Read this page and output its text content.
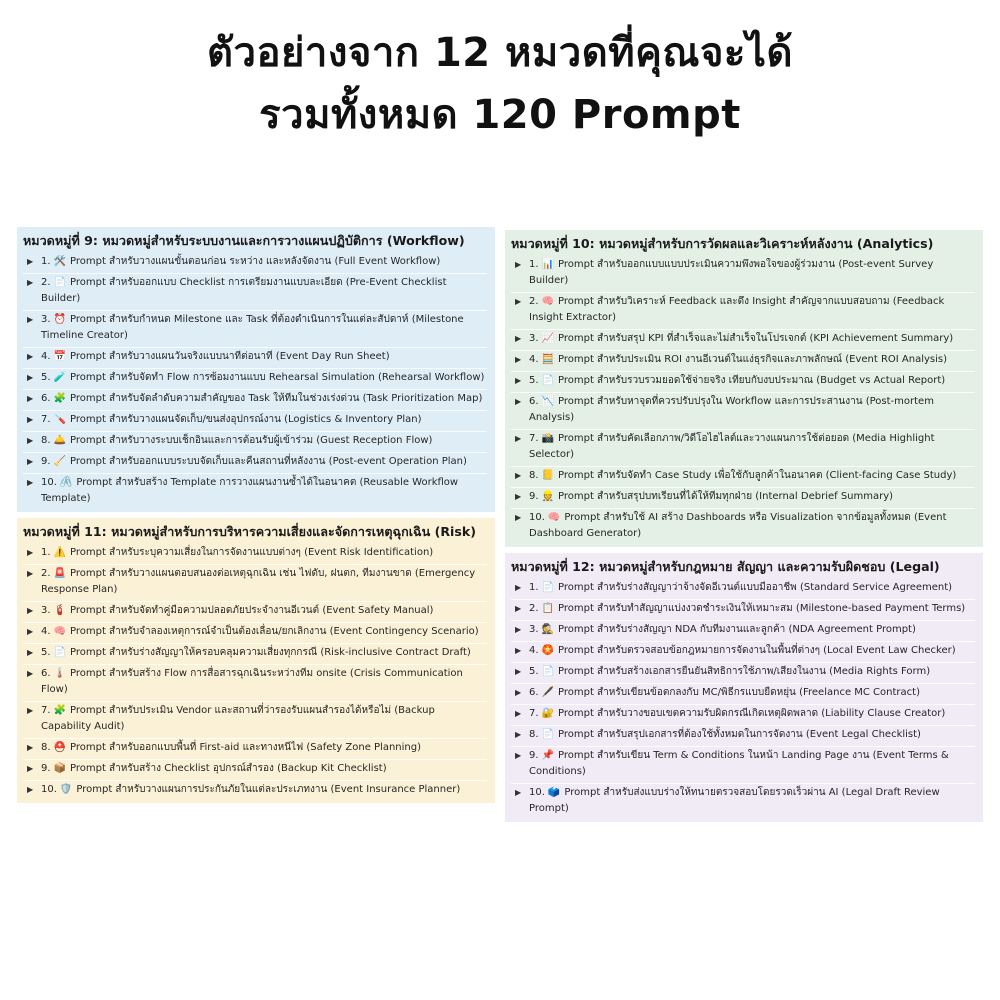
ตัวอย่างจาก 12 หมวดที่คุณจะได้
รวมทั้งหมด 120 Prompt
หมวดหมู่ที่ 9: หมวดหมู่สำหรับระบบงานและการวางแผนปฏิบัติการ (Workflow)
▶ 1. 🛠️ Prompt สำหรับวางแผนขั้นตอนก่อน ระหว่าง และหลังจัดงาน (Full Event Workflow)
▶ 2. 📄 Prompt สำหรับออกแบบ Checklist การเตรียมงานแบบละเอียด (Pre-Event Checklist Builder)
▶ 3. ⏰ Prompt สำหรับกำหนด Milestone และ Task ที่ต้องดำเนินการในแต่ละสัปดาห์ (Milestone Timeline Creator)
▶ 4. 📅 Prompt สำหรับวางแผนวันจริงแบบนาทีต่อนาที (Event Day Run Sheet)
▶ 5. 🧪 Prompt สำหรับจัดทำ Flow การซ้อมงานแบบ Rehearsal Simulation (Rehearsal Workflow)
▶ 6. 🧩 Prompt สำหรับจัดลำดับความสำคัญของ Task ให้ทีมในช่วงเร่งด่วน (Task Prioritization Map)
▶ 7. 🪛 Prompt สำหรับวางแผนจัดเก็บ/ขนส่งอุปกรณ์งาน (Logistics & Inventory Plan)
▶ 8. 🛎️ Prompt สำหรับวางระบบเช็กอินและการต้อนรับผู้เข้าร่วม (Guest Reception Flow)
▶ 9. 🧹 Prompt สำหรับออกแบบระบบจัดเก็บและคืนสถานที่หลังงาน (Post-event Operation Plan)
▶ 10. 🖇️ Prompt สำหรับสร้าง Template การวางแผนงานซ้ำได้ในอนาคต (Reusable Workflow Template)
หมวดหมู่ที่ 11: หมวดหมู่สำหรับการบริหารความเสี่ยงและจัดการเหตุฉุกเฉิน (Risk)
▶ 1. ⚠️ Prompt สำหรับระบุความเสี่ยงในการจัดงานแบบต่างๆ (Event Risk Identification)
▶ 2. 🚨 Prompt สำหรับวางแผนตอบสนองต่อเหตุฉุกเฉิน เช่น ไฟดับ, ฝนตก, ทีมงานขาด (Emergency Response Plan)
▶ 3. 🧯 Prompt สำหรับจัดทำคู่มือความปลอดภัยประจำงานอีเวนต์ (Event Safety Manual)
▶ 4. 🧠 Prompt สำหรับจำลองเหตุการณ์จำเป็นต้องเลื่อน/ยกเลิกงาน (Event Contingency Scenario)
▶ 5. 📄 Prompt สำหรับร่างสัญญาให้ครอบคลุมความเสี่ยงทุกกรณี (Risk-inclusive Contract Draft)
▶ 6. 🌡️ Prompt สำหรับสร้าง Flow การสื่อสารฉุกเฉินระหว่างทีม onsite (Crisis Communication Flow)
▶ 7. 🧩 Prompt สำหรับประเมิน Vendor และสถานที่ว่ารองรับแผนสำรองได้หรือไม่ (Backup Capability Audit)
▶ 8. ⛑️ Prompt สำหรับออกแบบพื้นที่ First-aid และทางหนีไฟ (Safety Zone Planning)
▶ 9. 📦 Prompt สำหรับสร้าง Checklist อุปกรณ์สำรอง (Backup Kit Checklist)
▶ 10. 🛡️ Prompt สำหรับวางแผนการประกันภัยในแต่ละประเภทงาน (Event Insurance Planner)
หมวดหมู่ที่ 10: หมวดหมู่สำหรับการวัดผลและวิเคราะห์หลังงาน (Analytics)
▶ 1. 📊 Prompt สำหรับออกแบบแบบประเมินความพึงพอใจของผู้ร่วมงาน (Post-event Survey Builder)
▶ 2. 🧠 Prompt สำหรับวิเคราะห์ Feedback และดึง Insight สำคัญจากแบบสอบถาม (Feedback Insight Extractor)
▶ 3. 📈 Prompt สำหรับสรุป KPI ที่สำเร็จและไม่สำเร็จในโปรเจกต์ (KPI Achievement Summary)
▶ 4. 🧮 Prompt สำหรับประเมิน ROI งานอีเวนต์ในแง่ธุรกิจและภาพลักษณ์ (Event ROI Analysis)
▶ 5. 📄 Prompt สำหรับรวบรวมยอดใช้จ่ายจริง เทียบกับงบประมาณ (Budget vs Actual Report)
▶ 6. 📉 Prompt สำหรับหาจุดที่ควรปรับปรุงใน Workflow และการประสานงาน (Post-mortem Analysis)
▶ 7. 📸 Prompt สำหรับคัดเลือกภาพ/วิดีโอไฮไลต์และวางแผนการใช้ต่อยอด (Media Highlight Selector)
▶ 8. 📒 Prompt สำหรับจัดทำ Case Study เพื่อใช้กับลูกค้าในอนาคต (Client-facing Case Study)
▶ 9. 👷 Prompt สำหรับสรุปบทเรียนที่ได้ให้ทีมทุกฝ่าย (Internal Debrief Summary)
▶ 10. 🧠 Prompt สำหรับใช้ AI สร้าง Dashboards หรือ Visualization จากข้อมูลทั้งหมด (Event Dashboard Generator)
หมวดหมู่ที่ 12: หมวดหมู่สำหรับกฎหมาย สัญญา และความรับผิดชอบ (Legal)
▶ 1. 📄 Prompt สำหรับร่างสัญญาว่าจ้างจัดอีเวนต์แบบมืออาชีพ (Standard Service Agreement)
▶ 2. 📋 Prompt สำหรับทำสัญญาแบ่งงวดชำระเงินให้เหมาะสม (Milestone-based Payment Terms)
▶ 3. 🕵️ Prompt สำหรับร่างสัญญา NDA กับทีมงานและลูกค้า (NDA Agreement Prompt)
▶ 4. 🏵️ Prompt สำหรับตรวจสอบข้อกฎหมายการจัดงานในพื้นที่ต่างๆ (Local Event Law Checker)
▶ 5. 📄 Prompt สำหรับสร้างเอกสารยืนยันสิทธิการใช้ภาพ/เสียงในงาน (Media Rights Form)
▶ 6. 🖋️ Prompt สำหรับเขียนข้อตกลงกับ MC/พิธีกรแบบยืดหยุ่น (Freelance MC Contract)
▶ 7. 🔐 Prompt สำหรับวางขอบเขตความรับผิดกรณีเกิดเหตุผิดพลาด (Liability Clause Creator)
▶ 8. 📄 Prompt สำหรับสรุปเอกสารที่ต้องใช้ทั้งหมดในการจัดงาน (Event Legal Checklist)
▶ 9. 📌 Prompt สำหรับเขียน Term & Conditions ในหน้า Landing Page งาน (Event Terms & Conditions)
▶ 10. 🗳️ Prompt สำหรับส่งแบบร่างให้ทนายตรวจสอบโดยรวดเร็วผ่าน AI (Legal Draft Review Prompt)
